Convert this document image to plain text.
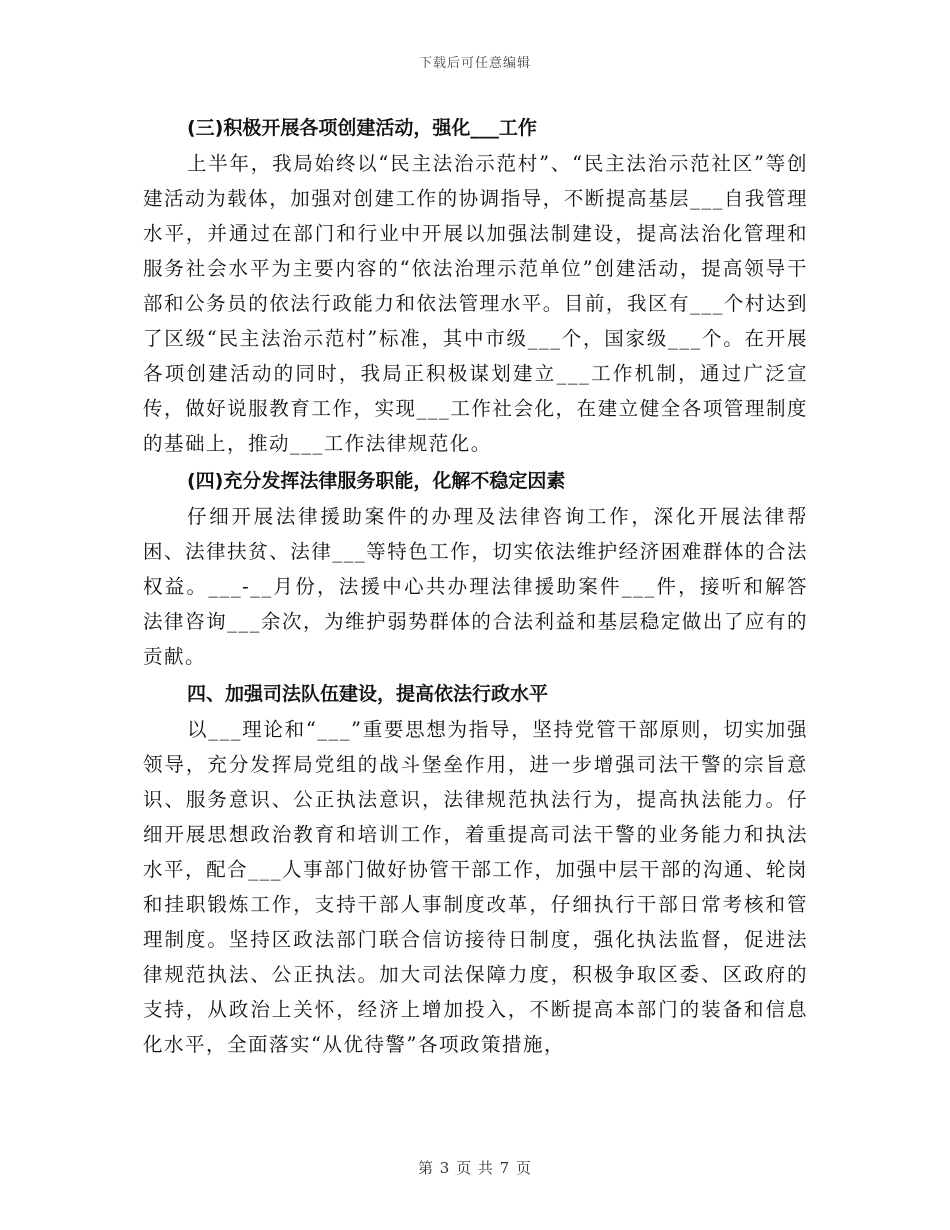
下载后可任意编辑
(三)积极开展各项创建活动，强化___工作
上半年，我局始终以“民主法治示范村”、“民主法治示范社区”等创建活动为载体，加强对创建工作的协调指导，不断提高基层___自我管理水平，并通过在部门和行业中开展以加强法制建设，提高法治化管理和服务社会水平为主要内容的“依法治理示范单位”创建活动，提高领导干部和公务员的依法行政能力和依法管理水平。目前，我区有___个村达到了区级“民主法治示范村”标准，其中市级___个，国家级___个。在开展各项创建活动的同时，我局正积极谋划建立___工作机制，通过广泛宣传，做好说服教育工作，实现___工作社会化，在建立健全各项管理制度的基础上，推动___工作法律规范化。
(四)充分发挥法律服务职能，化解不稳定因素
仔细开展法律援助案件的办理及法律咨询工作，深化开展法律帮困、法律扶贫、法律___等特色工作，切实依法维护经济困难群体的合法权益。___-__月份，法援中心共办理法律援助案件___件，接听和解答法律咨询___余次，为维护弱势群体的合法利益和基层稳定做出了应有的贡献。
四、加强司法队伍建设，提高依法行政水平
以___理论和“___”重要思想为指导，坚持党管干部原则，切实加强领导，充分发挥局党组的战斗堡垒作用，进一步增强司法干警的宗旨意识、服务意识、公正执法意识，法律规范执法行为，提高执法能力。仔细开展思想政治教育和培训工作，着重提高司法干警的业务能力和执法水平，配合___人事部门做好协管干部工作，加强中层干部的沟通、轮岗和挂职锻炼工作，支持干部人事制度改革，仔细执行干部日常考核和管理制度。坚持区政法部门联合信访接待日制度，强化执法监督，促进法律规范执法、公正执法。加大司法保障力度，积极争取区委、区政府的支持，从政治上关怀，经济上增加投入，不断提高本部门的装备和信息化水平，全面落实“从优待警”各项政策措施，
第 3 页 共 7 页
